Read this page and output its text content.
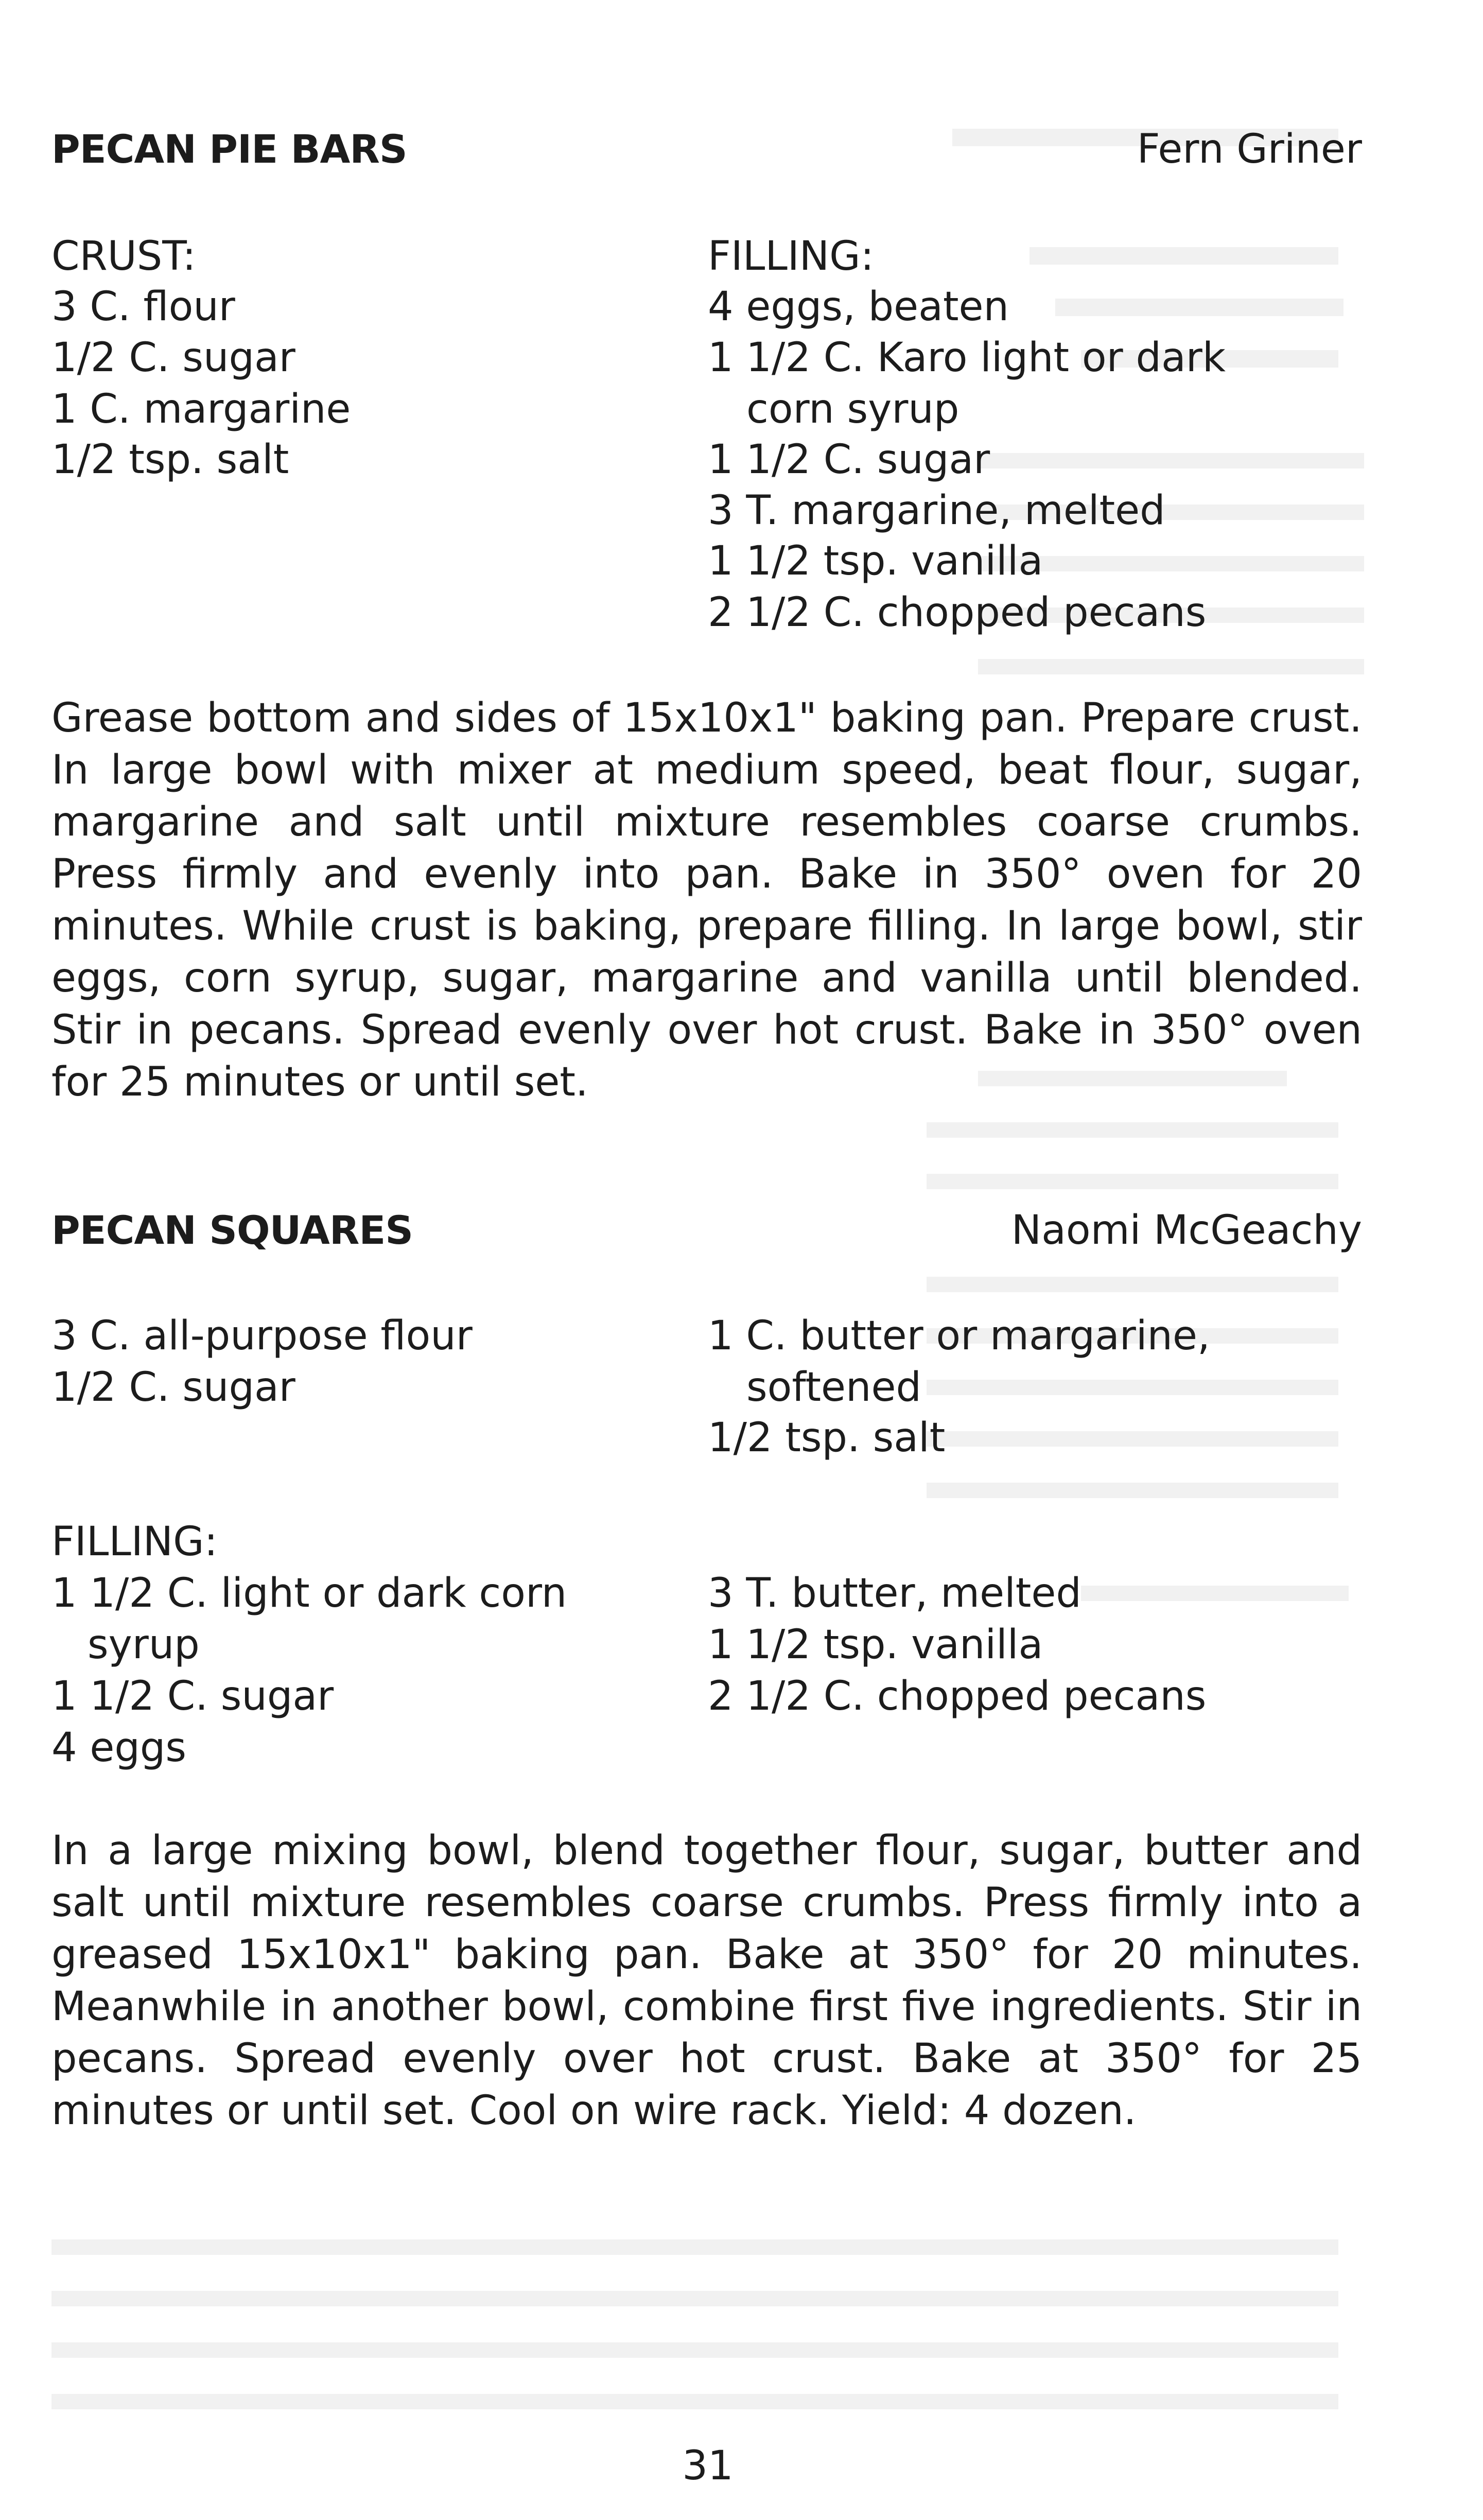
PECAN PIE BARS	Fern Griner
CRUST:
3 C. flour
1/2 C. sugar
1 C. margarine
1/2 tsp. salt
FILLING:
4 eggs, beaten
1 1/2 C. Karo light or dark
corn syrup
1 1/2 C. sugar
3 T. margarine, melted
1 1/2 tsp. vanilla
2 1/2 C. chopped pecans
Grease bottom and sides of 15x10x1" baking pan. Prepare crust. In large bowl with mixer at medium speed, beat flour, sugar, margarine and salt until mixture resembles coarse crumbs. Press firmly and evenly into pan. Bake in 350° oven for 20 minutes. While crust is baking, prepare filling. In large bowl, stir eggs, corn syrup, sugar, margarine and vanilla until blended. Stir in pecans. Spread evenly over hot crust. Bake in 350° oven for 25 minutes or until set.
PECAN SQUARES	Naomi McGeachy
3 C. all-purpose flour
1/2 C. sugar
1 C. butter or margarine,
softened
1/2 tsp. salt
FILLING:
1 1/2 C. light or dark corn
syrup
1 1/2 C. sugar
4 eggs
3 T. butter, melted
1 1/2 tsp. vanilla
2 1/2 C. chopped pecans
In a large mixing bowl, blend together flour, sugar, butter and salt until mixture resembles coarse crumbs. Press firmly into a greased 15x10x1" baking pan. Bake at 350° for 20 minutes. Meanwhile in another bowl, combine first five ingredients. Stir in pecans. Spread evenly over hot crust. Bake at 350° for 25 minutes or until set. Cool on wire rack. Yield: 4 dozen.
31
